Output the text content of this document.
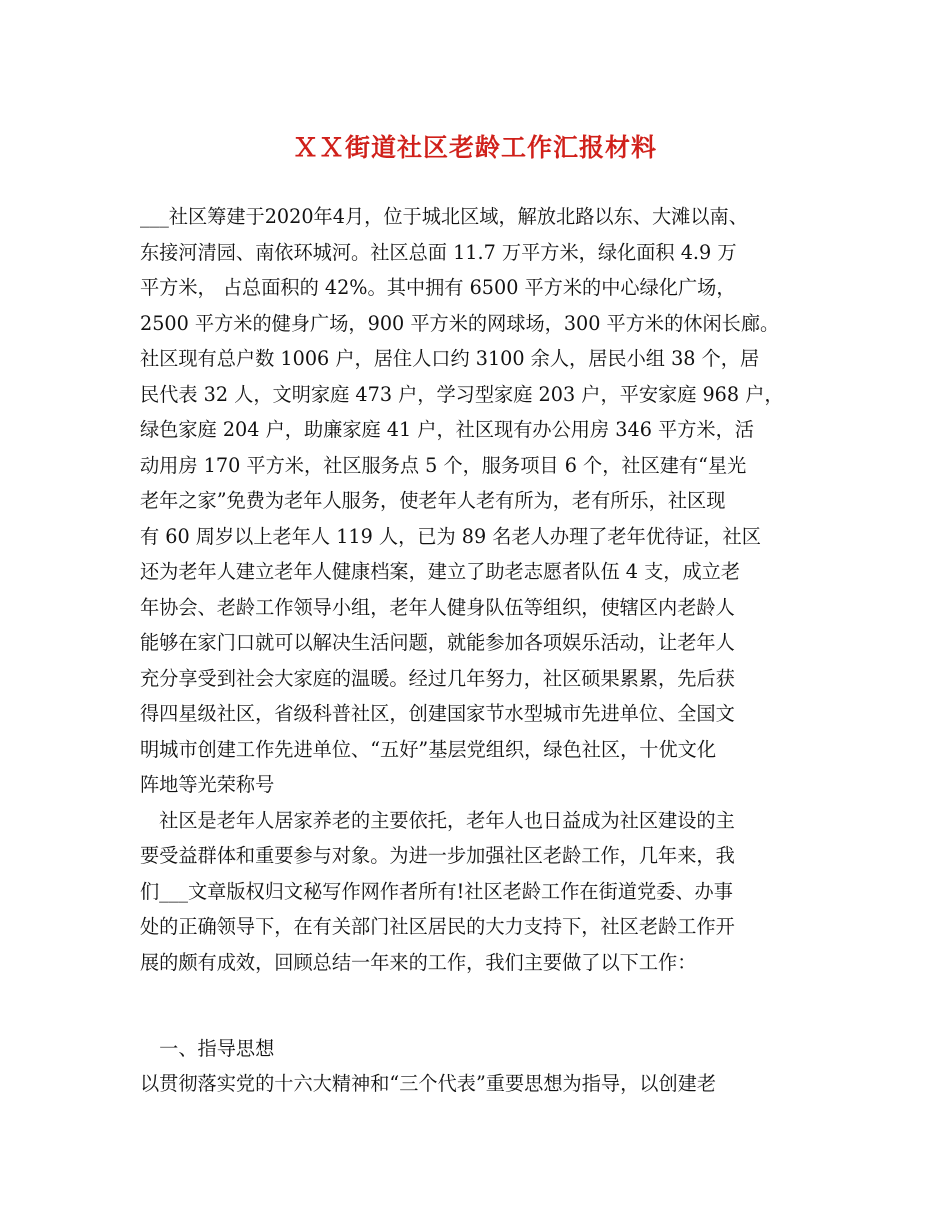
ＸＸ街道社区老龄工作汇报材料
___社区筹建于2020年4月，位于城北区域，解放北路以东、大滩以南、
东接河清园、南依环城河。社区总面 11.7 万平方米，绿化面积 4.9 万
平方米， 占总面积的 42%。其中拥有 6500 平方米的中心绿化广场，
2500 平方米的健身广场，900 平方米的网球场，300 平方米的休闲长廊。
社区现有总户数 1006 户，居住人口约 3100 余人，居民小组 38 个，居
民代表 32 人，文明家庭 473 户，学习型家庭 203 户，平安家庭 968 户，
绿色家庭 204 户，助廉家庭 41 户，社区现有办公用房 346 平方米，活
动用房 170 平方米，社区服务点 5 个，服务项目 6 个，社区建有“星光
老年之家”免费为老年人服务，使老年人老有所为，老有所乐，社区现
有 60 周岁以上老年人 119 人，已为 89 名老人办理了老年优待证，社区
还为老年人建立老年人健康档案，建立了助老志愿者队伍 4 支，成立老
年协会、老龄工作领导小组，老年人健身队伍等组织，使辖区内老龄人
能够在家门口就可以解决生活问题，就能参加各项娱乐活动，让老年人
充分享受到社会大家庭的温暖。经过几年努力，社区硕果累累，先后获
得四星级社区，省级科普社区，创建国家节水型城市先进单位、全国文
明城市创建工作先进单位、“五好”基层党组织，绿色社区，十优文化
阵地等光荣称号
　社区是老年人居家养老的主要依托，老年人也日益成为社区建设的主
要受益群体和重要参与对象。为进一步加强社区老龄工作，几年来，我
们___文章版权归文秘写作网作者所有!社区老龄工作在街道党委、办事
处的正确领导下，在有关部门社区居民的大力支持下，社区老龄工作开
展的颇有成效，回顾总结一年来的工作，我们主要做了以下工作：
　一、指导思想
以贯彻落实党的十六大精神和“三个代表”重要思想为指导，以创建老
